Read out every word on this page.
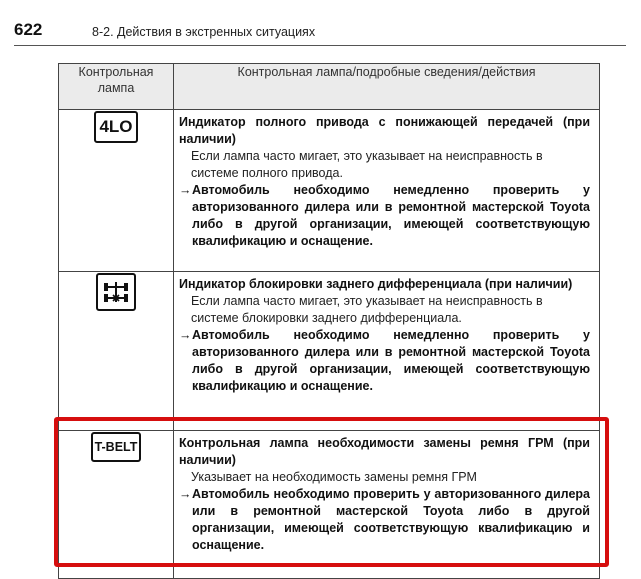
622	8-2. Действия в экстренных ситуациях
Контрольная лампа	Контрольная лампа/подробные сведения/действия
4LO	Индикатор полного привода с понижающей передачей (при наличии)
Если лампа часто мигает, это указывает на неисправность в системе полного привода.
→ Автомобиль необходимо немедленно проверить у авторизованного дилера или в ремонтной мастерской Toyota либо в другой организации, имеющей соответствующую квалификацию и оснащение.

Индикатор блокировки заднего дифференциала (при наличии)
Если лампа часто мигает, это указывает на неисправность в системе блокировки заднего дифференциала.
→ Автомобиль необходимо немедленно проверить у авторизованного дилера или в ремонтной мастерской Toyota либо в другой организации, имеющей соответствующую квалификацию и оснащение.

T-BELT	Контрольная лампа необходимости замены ремня ГРМ (при наличии)
Указывает на необходимость замены ремня ГРМ
→ Автомобиль необходимо проверить у авторизованного дилера или в ремонтной мастерской Toyota либо в другой организации, имеющей соответствующую квалификацию и оснащение.
